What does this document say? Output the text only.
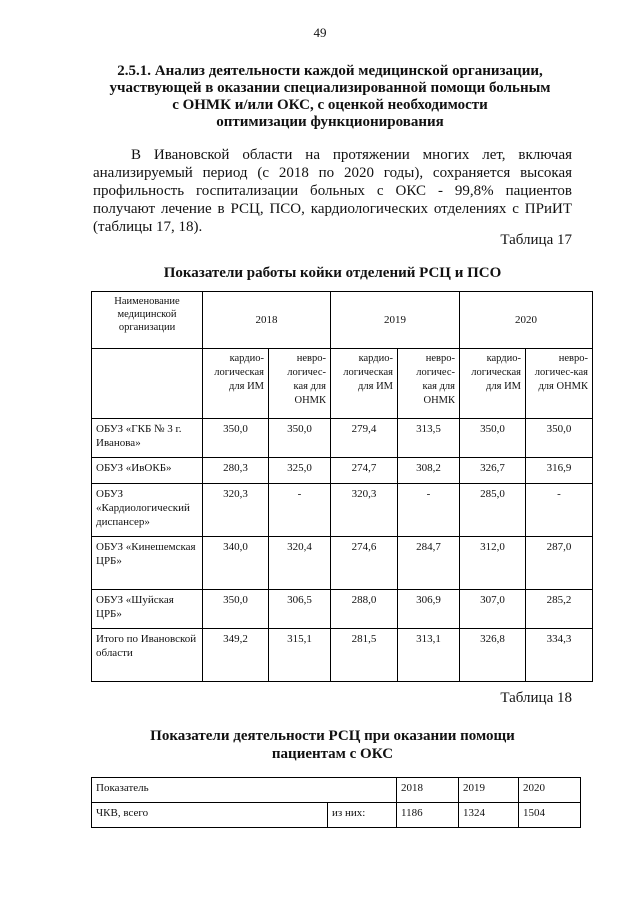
49
2.5.1. Анализ деятельности каждой медицинской организации,
участвующей в оказании специализированной помощи больным
с ОНМК и/или ОКС, с оценкой необходимости
оптимизации функционирования
В Ивановской области на протяжении многих лет, включая анализируемый период (с 2018 по 2020 годы), сохраняется высокая профильность госпитализации больных с ОКС - 99,8% пациентов получают лечение в РСЦ, ПСО, кардиологических отделениях с ПРиИТ (таблицы 17, 18).
Таблица 17
Показатели работы койки отделений РСЦ и ПСО
Наименование медицинской организации	2018		2019		2020	
	кардио-логическая для ИМ	невро-логичес-кая для ОНМК	кардио-логическая для ИМ	невро-логичес-кая для ОНМК	кардио-логическая для ИМ	невро-логичес-кая для ОНМК
ОБУЗ «ГКБ № 3 г. Иванова»	350,0	350,0	279,4	313,5	350,0	350,0
ОБУЗ «ИвОКБ»	280,3	325,0	274,7	308,2	326,7	316,9
ОБУЗ «Кардиологический диспансер»	320,3	-	320,3	-	285,0	-
ОБУЗ «Кинешемская ЦРБ»	340,0	320,4	274,6	284,7	312,0	287,0
ОБУЗ «Шуйская ЦРБ»	350,0	306,5	288,0	306,9	307,0	285,2
Итого по Ивановской области	349,2	315,1	281,5	313,1	326,8	334,3
Таблица 18
Показатели деятельности РСЦ при оказании помощи
пациентам с ОКС
Показатель		2018	2019	2020
ЧКВ, всего	из них:	1186	1324	1504
